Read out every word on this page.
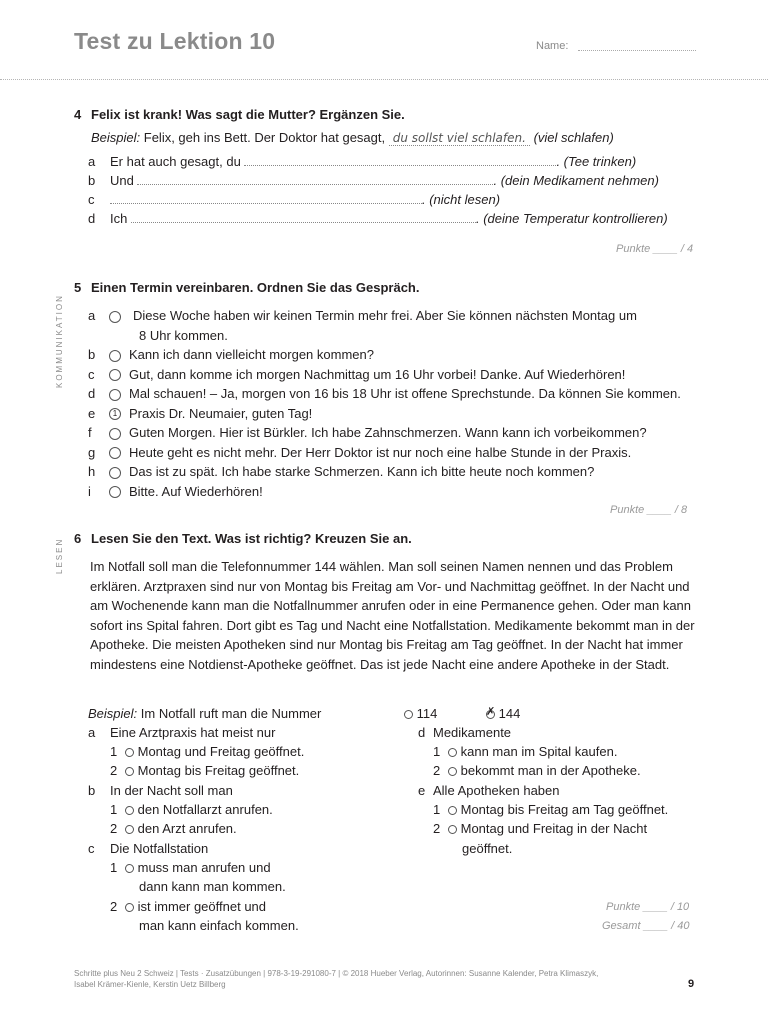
Test zu Lektion 10	Name:
4 Felix ist krank! Was sagt die Mutter? Ergänzen Sie.
Beispiel: Felix, geh ins Bett. Der Doktor hat gesagt, du sollst viel schlafen. (viel schlafen)
a Er hat auch gesagt, du	. (Tee trinken)
b Und	. (dein Medikament nehmen)
c	. (nicht lesen)
d Ich	. (deine Temperatur kontrollieren)
Punkte ____ / 4
KOMMUNIKATION
5 Einen Termin vereinbaren. Ordnen Sie das Gespräch.
a	Diese Woche haben wir keinen Termin mehr frei. Aber Sie können nächsten Montag um
8 Uhr kommen.
b	Kann ich dann vielleicht morgen kommen?
c	Gut, dann komme ich morgen Nachmittag um 16 Uhr vorbei! Danke. Auf Wiederhören!
d	Mal schauen! – Ja, morgen von 16 bis 18 Uhr ist offene Sprechstunde. Da können Sie kommen.
e 1 Praxis Dr. Neumaier, guten Tag!
f	Guten Morgen. Hier ist Bürkler. Ich habe Zahnschmerzen. Wann kann ich vorbeikommen?
g	Heute geht es nicht mehr. Der Herr Doktor ist nur noch eine halbe Stunde in der Praxis.
h	Das ist zu spät. Ich habe starke Schmerzen. Kann ich bitte heute noch kommen?
i	Bitte. Auf Wiederhören!
Punkte ____ / 8
LESEN 6 Lesen Sie den Text. Was ist richtig? Kreuzen Sie an.
Im Notfall soll man die Telefonnummer 144 wählen. Man soll seinen Namen nennen und das Problem erklären. Arztpraxen sind nur von Montag bis Freitag am Vor- und Nachmittag geöffnet. In der Nacht und am Wochenende kann man die Notfallnummer anrufen oder in eine Permanence gehen. Oder man kann sofort ins Spital fahren. Dort gibt es Tag und Nacht eine Notfallstation. Medikamente bekommt man in der Apotheke. Die meisten Apotheken sind nur Montag bis Freitag am Tag geöffnet. In der Nacht hat immer mindestens eine Notdienst-Apotheke geöffnet. Das ist jede Nacht eine andere Apotheke in der Stadt.
Beispiel: Im Notfall ruft man die Nummer	114	✗ 144
a Eine Arztpraxis hat meist nur
1 Montag und Freitag geöffnet.
2 Montag bis Freitag geöffnet.
b In der Nacht soll man
1 den Notfallarzt anrufen.
2 den Arzt anrufen.
c Die Notfallstation
1 muss man anrufen und
dann kann man kommen.
2 ist immer geöffnet und
man kann einfach kommen.
d Medikamente
1 kann man im Spital kaufen.
2 bekommt man in der Apotheke.
e Alle Apotheken haben
1 Montag bis Freitag am Tag geöffnet.
2 Montag und Freitag in der Nacht
geöffnet.
Punkte ____ / 10
Gesamt ____ / 40
Schritte plus Neu 2 Schweiz | Tests · Zusatzübungen | 978-3-19-291080-7 | © 2018 Hueber Verlag, Autorinnen: Susanne Kalender, Petra Klimaszyk,
Isabel Krämer-Kienle, Kerstin Uetz Billberg	9
